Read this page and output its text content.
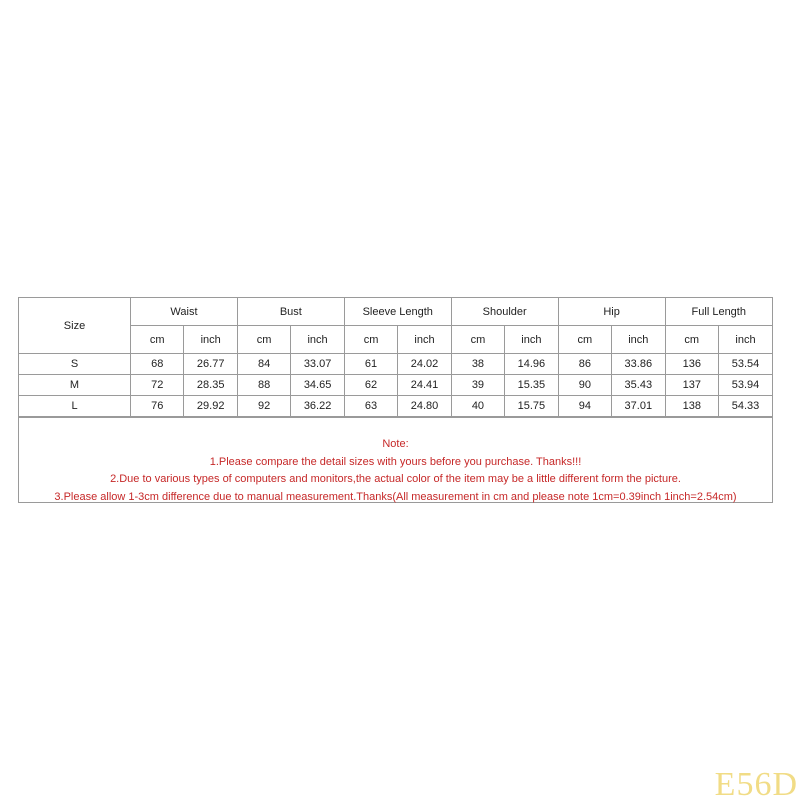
Size	Waist		Bust		Sleeve Length		Shoulder		Hip		Full Length	
	cm	inch	cm	inch	cm	inch	cm	inch	cm	inch	cm	inch
S	68	26.77	84	33.07	61	24.02	38	14.96	86	33.86	136	53.54
M	72	28.35	88	34.65	62	24.41	39	15.35	90	35.43	137	53.94
L	76	29.92	92	36.22	63	24.80	40	15.75	94	37.01	138	54.33
Note:
1.Please compare the detail sizes with yours before you purchase. Thanks!!!
2.Due to various types of computers and monitors,the actual color of the item may be a little different form the picture.
3.Please allow 1-3cm difference due to manual measurement.Thanks(All measurement in cm and please note 1cm=0.39inch 1inch=2.54cm)
E56D
